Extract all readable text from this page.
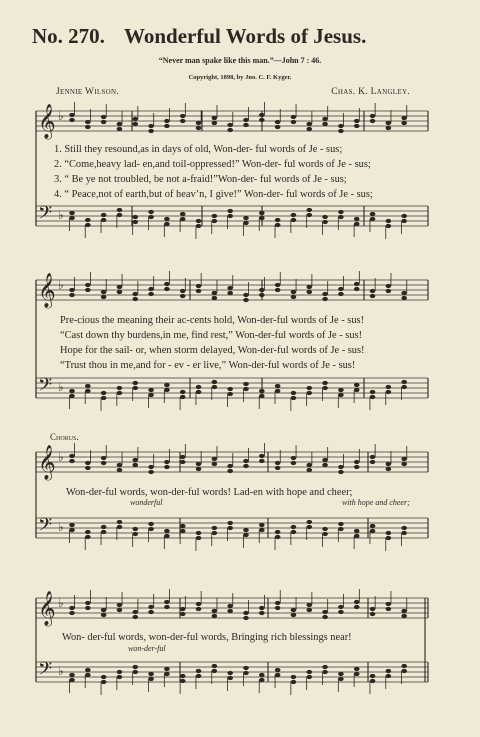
No. 270. Wonderful Words of Jesus.
“Never man spake like this man.”—John 7 : 46.
Copyright, 1898, by Jno. C. F. Kyger.
Jennie Wilson.	Chas. K. Langley.
𝄞 ♭
𝄢 ♭
𝄞 ♭
𝄢 ♭
𝄞 ♭
𝄢 ♭
𝄞 ♭
𝄢 ♭
1. Still they resound,as in days of old, Won-der- ful words of Je - sus;
2. “Come,heavy lad- en,and toil-oppressed!” Won-der- ful words of Je - sus;
3. “ Be ye not troubled, be not a-fraid!”Won-der- ful words of Je - sus;
4. “ Peace,not of earth,but of heav’n, I give!” Won-der- ful words of Je - sus;
Pre-cious the meaning their ac-cents hold, Won-der-ful words of Je - sus!
“Cast down thy burdens,in me, find rest,” Won-der-ful words of Je - sus!
Hope for the sail- or, when storm delayed, Won-der-ful words of Je - sus!
“Trust thou in me,and for - ev - er live,” Won-der-ful words of Je - sus!
Chorus.
Won-der-ful words, won-der-ful words! Lad-en with hope and cheer;
wonderful	with hope and cheer;
Won- der-ful words, won-der-ful words, Bringing rich blessings near!
won-der-ful
